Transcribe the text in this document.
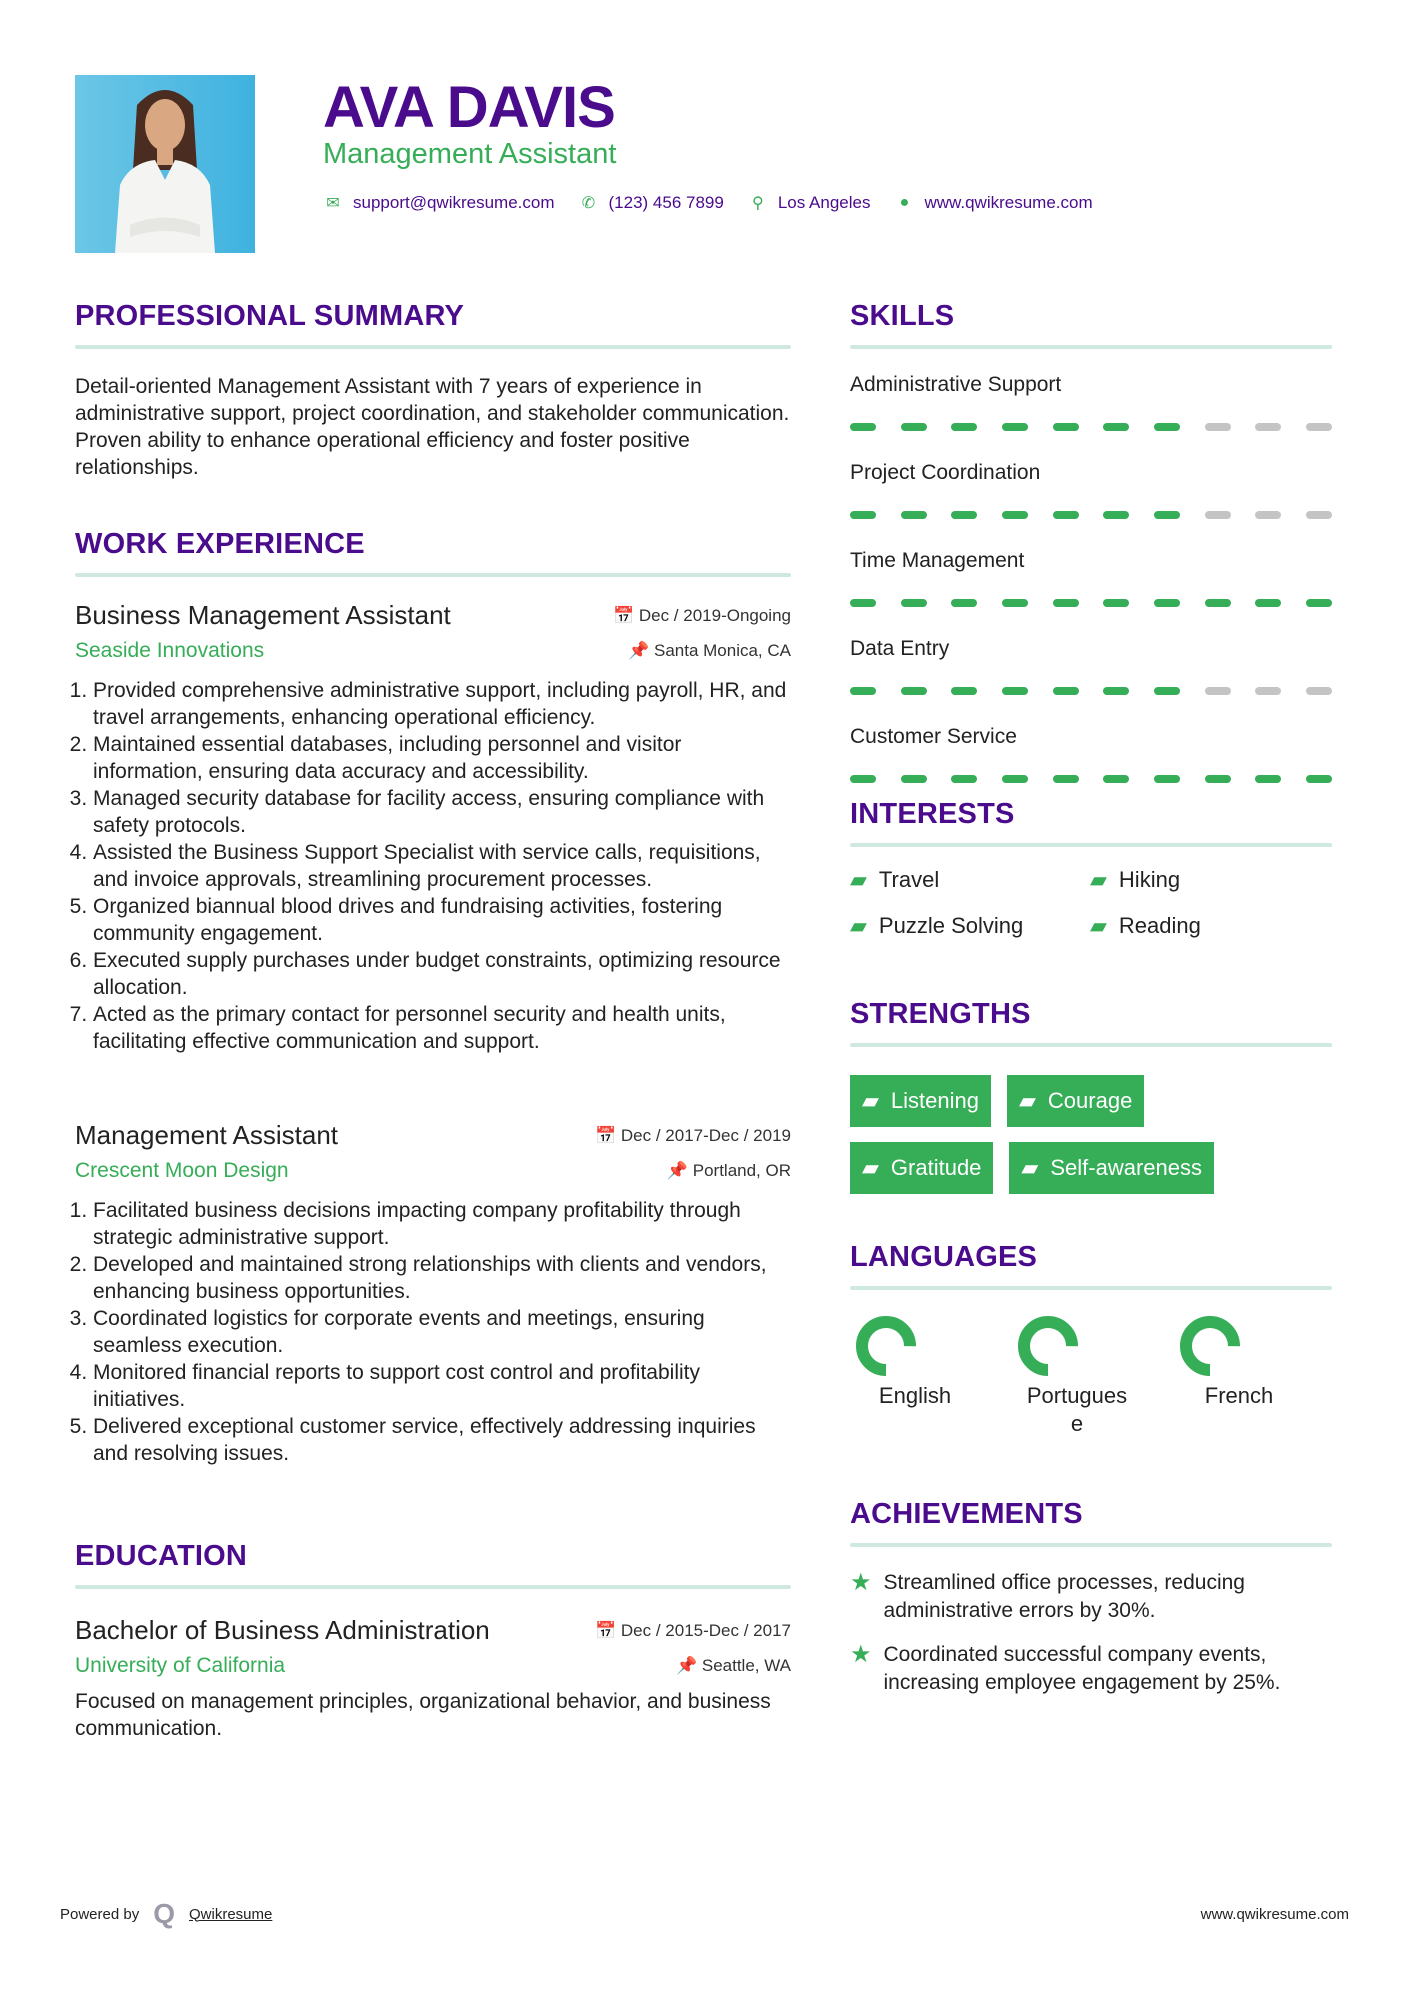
AVA DAVIS
Management Assistant
✉ support@qwikresume.com ✆ (123) 456 7899 ⚲ Los Angeles	● www.qwikresume.com
PROFESSIONAL SUMMARY
Detail-oriented Management Assistant with 7 years of experience in administrative support, project coordination, and stakeholder communication. Proven ability to enhance operational efficiency and foster positive relationships.
WORK EXPERIENCE
Business Management Assistant	📅 Dec / 2019-Ongoing
Seaside Innovations	📌 Santa Monica, CA
1. Provided comprehensive administrative support, including payroll, HR, and travel arrangements, enhancing operational efficiency.
2. Maintained essential databases, including personnel and visitor information, ensuring data accuracy and accessibility.
3. Managed security database for facility access, ensuring compliance with safety protocols.
4. Assisted the Business Support Specialist with service calls, requisitions, and invoice approvals, streamlining procurement processes.
5. Organized biannual blood drives and fundraising activities, fostering community engagement.
6. Executed supply purchases under budget constraints, optimizing resource allocation.
7. Acted as the primary contact for personnel security and health units, facilitating effective communication and support.
Management Assistant	📅 Dec / 2017-Dec / 2019
Crescent Moon Design	📌 Portland, OR
1. Facilitated business decisions impacting company profitability through strategic administrative support.
2. Developed and maintained strong relationships with clients and vendors, enhancing business opportunities.
3. Coordinated logistics for corporate events and meetings, ensuring seamless execution.
4. Monitored financial reports to support cost control and profitability initiatives.
5. Delivered exceptional customer service, effectively addressing inquiries and resolving issues.
EDUCATION
Bachelor of Business Administration	📅 Dec / 2015-Dec / 2017
University of California	📌 Seattle, WA
Focused on management principles, organizational behavior, and business communication.
SKILLS
Administrative Support
Project Coordination
Time Management
Data Entry
Customer Service
INTERESTS
▰ Travel	▰ Hiking
▰ Puzzle Solving	▰ Reading
STRENGTHS
▰ Listening ▰ Courage
▰ Gratitude ▰ Self-awareness
LANGUAGES
English	Portuguese
French
ACHIEVEMENTS
★ Streamlined office processes, reducing administrative errors by 30%.
★ Coordinated successful company events, increasing employee engagement by 25%.
Powered by Q Qwikresume	www.qwikresume.com
